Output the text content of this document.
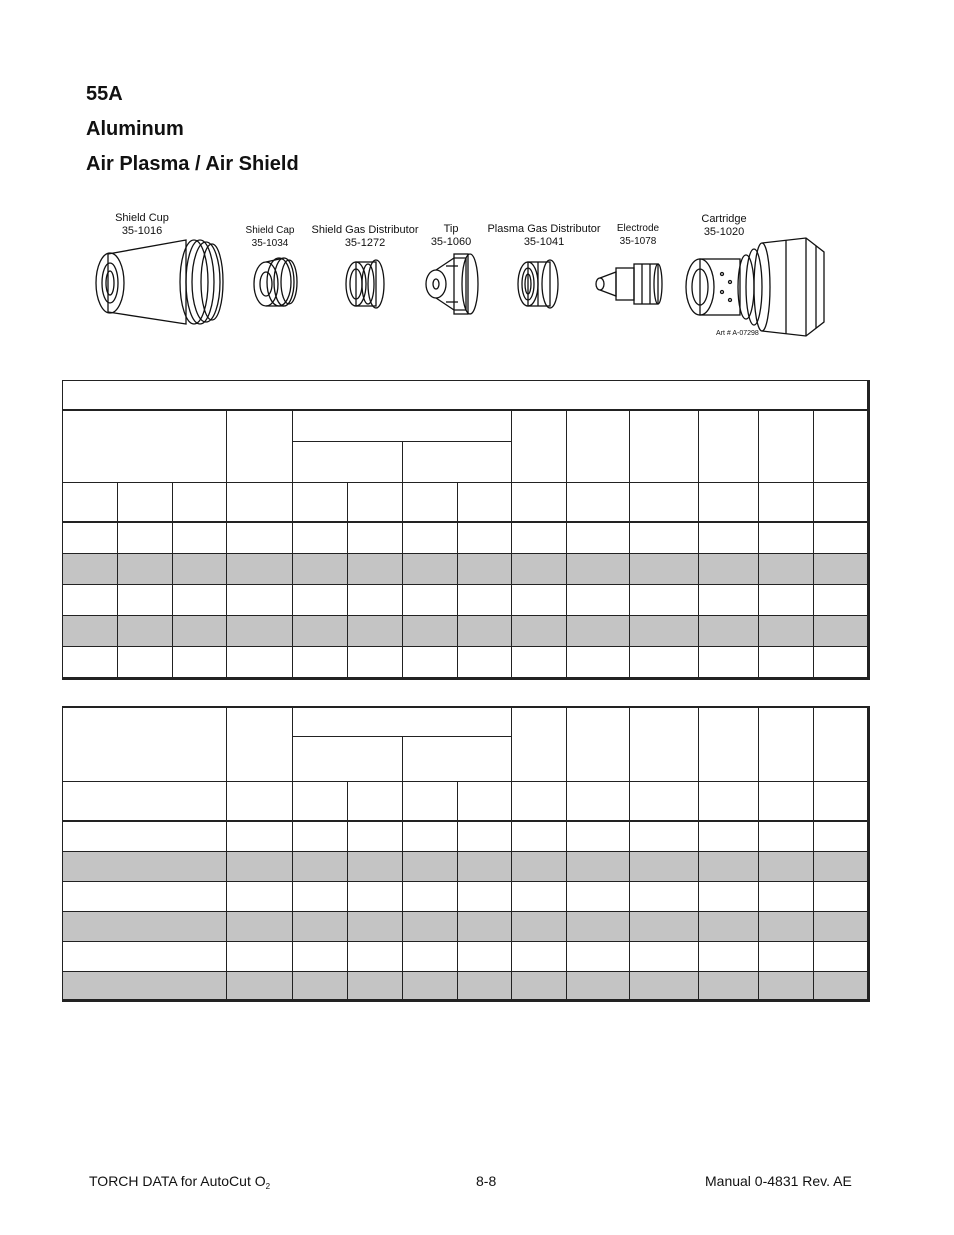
55A
Aluminum
Air Plasma / Air Shield
Shield Cup
35-1016	Shield Cap
35-1034
Shield Gas Distributor
35-1272
Tip
35-1060
Plasma Gas Distributor
35-1041
Electrode
35-1078
Cartridge
35-1020
Art # A-07298

TORCH DATA for AutoCut $O_2$	8-8	Manual 0-4831 Rev. AE
